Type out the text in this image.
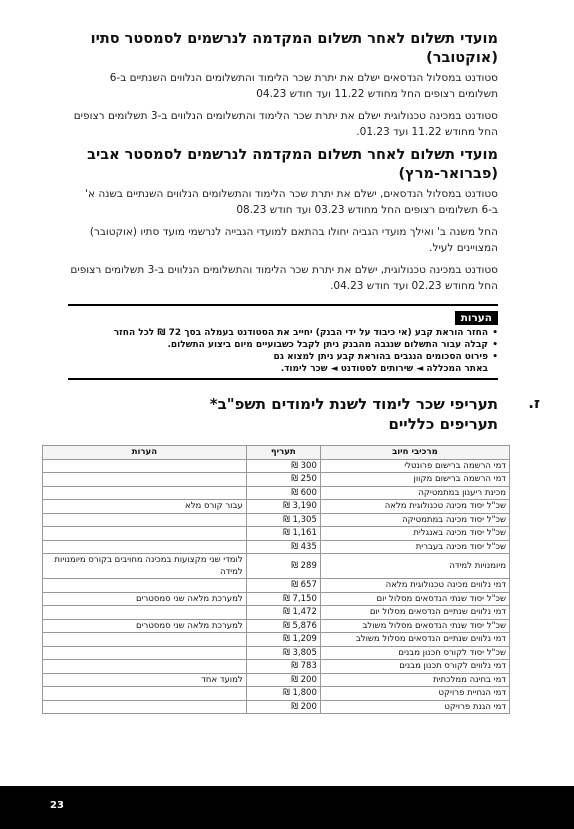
מועדי תשלום לאחר תשלום המקדמה לנרשמים לסמסטר סתיו (אוקטובר)

סטודנט במסלול הנדסאים ישלם את יתרת שכר הלימוד והתשלומים הנלווים השנתיים ב-6 תשלומים רצופים החל מחודש 11.22 ועד חודש 04.23

סטודנט במכינה טכנולוגית ישלם את יתרת שכר הלימוד והתשלומים הנלווים ב-3 תשלומים רצופים החל מחודש 11.22 ועד 01.23.

מועדי תשלום לאחר תשלום המקדמה לנרשמים לסמסטר אביב (פברואר-מרץ)

סטודנט במסלול הנדסאים, ישלם את יתרת שכר הלימוד והתשלומים הנלווים השנתיים בשנה א' ב-6 תשלומים רצופים החל מחודש 03.23 ועד חודש 08.23

החל משנה ב' ואילך מועדי הגביה יחולו בהתאם למועדי הגבייה לנרשמי מועד סתיו (אוקטובר) המצויינים לעיל.

סטודנט במכינה טכנולוגית, ישלם את יתרת שכר הלימוד והתשלומים הנלווים ב-3 תשלומים רצופים החל מחודש 02.23 ועד חודש 04.23.

הערות
• החזר הוראת קבע (אי כיבוד על ידי הבנק) יחייב את הסטודנט בעמלה בסך 72 ₪ לכל החזר
• קבלה עבור התשלום שנגבה מהבנק ניתן לקבל כשבועיים מיום ביצוע התשלום.
• פירוט הסכומים הנגבים בהוראת קבע ניתן למצוא גם
באתר המכללה ◄ שירותים לסטודנט ◄ שכר לימוד.
ז.
תעריפי שכר לימוד לשנת לימודים תשפ"ב*
תעריפים כלליים
מרכיבי חיוב	תעריף	הערות
דמי הרשמה ברישום פרונטלי	300 ₪	
דמי הרשמה ברישום מקוון	250 ₪	
מכינת ריענון במתמטיקה	600 ₪	
שכ"ל יסוד מכינה טכנולוגית מלאה	3,190 ₪	עבור קורס מלא
שכ"ל יסוד מכינה במתמטיקה	1,305 ₪	
שכ"ל יסוד מכינה באנגלית	1,161 ₪	
שכ"ל יסוד מכינה בעברית	435 ₪	
מיומנויות למידה	289 ₪	לומדי שני מקצועות במכינה מחויבים בקורס מיומנויות למידה
דמי נלווים מכינה טכנולוגית מלאה	657 ₪	
שכ"ל יסוד שנתי הנדסאים מסלול יום	7,150 ₪	למערכת מלאה שני סמסטרים
דמי נלווים שנתיים הנדסאים מסלול יום	1,472 ₪	
שכ"ל יסוד שנתי הנדסאים מסלול משולב	5,876 ₪	למערכת מלאה שני סמסטרים
דמי נלווים שנתיים הנדסאים מסלול משולב	1,209 ₪	
שכ"ל יסוד לקורס חכנון מבנים	3,805 ₪	
דמי נלווים לקורס תכנון מבנים	783 ₪	
דמי בחינה ממלכתית	200 ₪	למועד אחד
דמי הנחיית פרויקט	1,800 ₪	
דמי הגנת פרויקט	200 ₪	
23
